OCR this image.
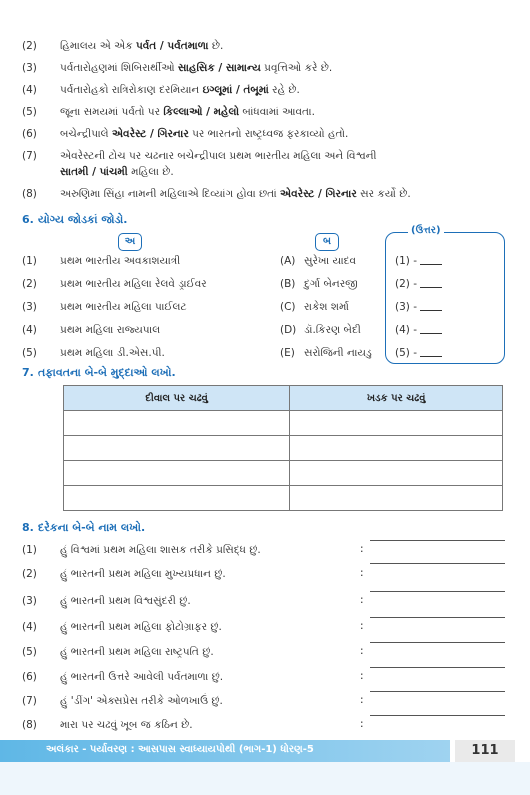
(2)	હિમાલય એ એક પર્વત / પર્વતમાળા છે.
(3)	પર્વતારોહણમાં શિબિરાર્થીઓ સાહસિક / સામાન્ય પ્રવૃત્તિઓ કરે છે.
(4)	પર્વતારોહકો રાત્રિરોકાણ દરમિયાન ઇગ્લૂમાં / તંબૂમાં રહે છે.
(5)	જૂના સમયમાં પર્વતો પર કિલ્લાઓ / મહેલો બાંધવામાં આવતા.
(6)	બચેન્દ્રીપાલે એવરેસ્ટ / ગિરનાર પર ભારતનો રાષ્ટ્રધ્વજ ફરકાવ્યો હતો.
(7)	એવરેસ્ટની ટોચ પર ચઢનાર બચેન્દ્રીપાલ પ્રથમ ભારતીય મહિલા અને વિશ્વની
સાતમી / પાંચમી મહિલા છે.
(8)	અરુણિમા સિંહા નામની મહિલાએ દિવ્યાંગ હોવા છતાં એવરેસ્ટ / ગિરનાર સર કર્યો છે.
6. યોગ્ય જોડકાં જોડો.
અ	બ
(ઉત્તર)
(1) પ્રથમ ભારતીય અવકાશયાત્રી	(A) સુરેખા યાદવ	(1) -
(2) પ્રથમ ભારતીય મહિલા રેલવે ડ્રાઈવર	(B) દુર્ગા બેનરજી	(2) -
(3) પ્રથમ ભારતીય મહિલા પાઈલટ	(C) રાકેશ શર્મા	(3) -
(4) પ્રથમ મહિલા રાજ્યપાલ	(D) ડૉ.કિરણ બેદી	(4) -
(5) પ્રથમ મહિલા ડી.એસ.પી.	(E) સરોજિની નાયડુ (5) -
7. તફાવતના બે-બે મુદ્દાઓ લખો.
દીવાલ પર ચઢવું	ખડક પર ચઢવું

8. દરેકના બે-બે નામ લખો.
(1)	હું વિશ્વમાં પ્રથમ મહિલા શાસક તરીકે પ્રસિદ્ધ છું.	:
(2)	હું ભારતની પ્રથમ મહિલા મુખ્યપ્રધાન છું.	:
(3)	હું ભારતની પ્રથમ વિશ્વસુંદરી છું.	:
(4)	હું ભારતની પ્રથમ મહિલા ફોટોગ્રાફર છું.	:
(5)	હું ભારતની પ્રથમ મહિલા રાષ્ટ્રપતિ છું.	:
(6)	હું ભારતની ઉત્તરે આવેલી પર્વતમાળા છું.	:
(7)	હું 'ડીંગ' એક્સપ્રેસ તરીકે ઓળખાઉં છું.	:
(8)	મારા પર ચઢવું ખૂબ જ કઠિન છે.	:
અલંકાર - પર્યાવરણ : આસપાસ સ્વાધ્યાયપોથી (ભાગ-1) ધોરણ-5	111
